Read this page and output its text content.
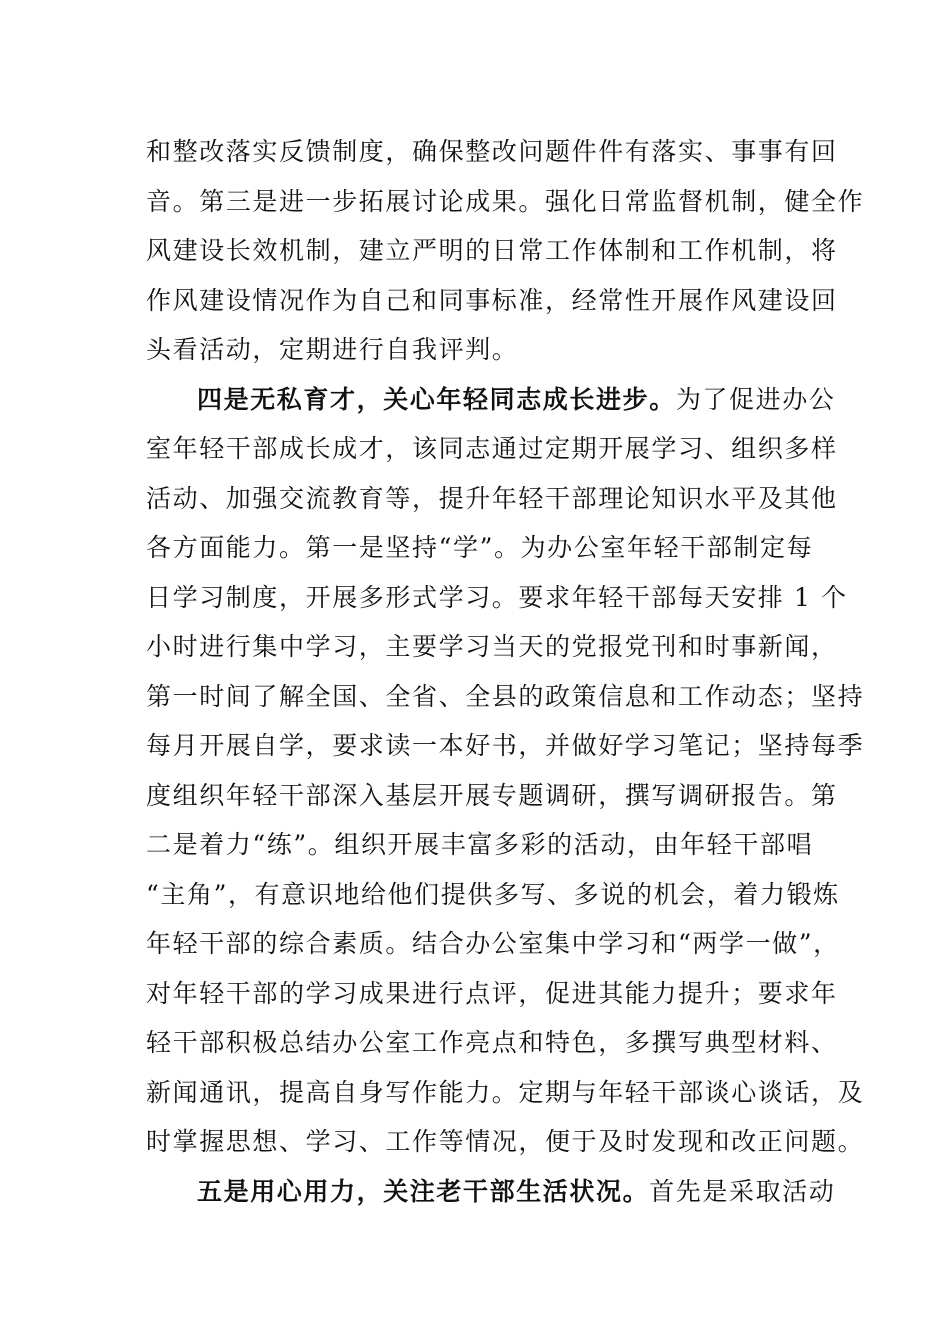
和整改落实反馈制度，确保整改问题件件有落实、事事有回
音。第三是进一步拓展讨论成果。强化日常监督机制，健全作
风建设长效机制，建立严明的日常工作体制和工作机制，将
作风建设情况作为自己和同事标准，经常性开展作风建设回
头看活动，定期进行自我评判。
四是无私育才，关心年轻同志成长进步。为了促进办公
室年轻干部成长成才，该同志通过定期开展学习、组织多样
活动、加强交流教育等，提升年轻干部理论知识水平及其他
各方面能力。第一是坚持“学”。为办公室年轻干部制定每
日学习制度，开展多形式学习。要求年轻干部每天安排 1 个
小时进行集中学习，主要学习当天的党报党刊和时事新闻，
第一时间了解全国、全省、全县的政策信息和工作动态；坚持
每月开展自学，要求读一本好书，并做好学习笔记；坚持每季
度组织年轻干部深入基层开展专题调研，撰写调研报告。第
二是着力“练”。组织开展丰富多彩的活动，由年轻干部唱
“主角”，有意识地给他们提供多写、多说的机会，着力锻炼
年轻干部的综合素质。结合办公室集中学习和“两学一做”，
对年轻干部的学习成果进行点评，促进其能力提升；要求年
轻干部积极总结办公室工作亮点和特色，多撰写典型材料、
新闻通讯，提高自身写作能力。定期与年轻干部谈心谈话，及
时掌握思想、学习、工作等情况，便于及时发现和改正问题。
五是用心用力，关注老干部生活状况。首先是采取活动
